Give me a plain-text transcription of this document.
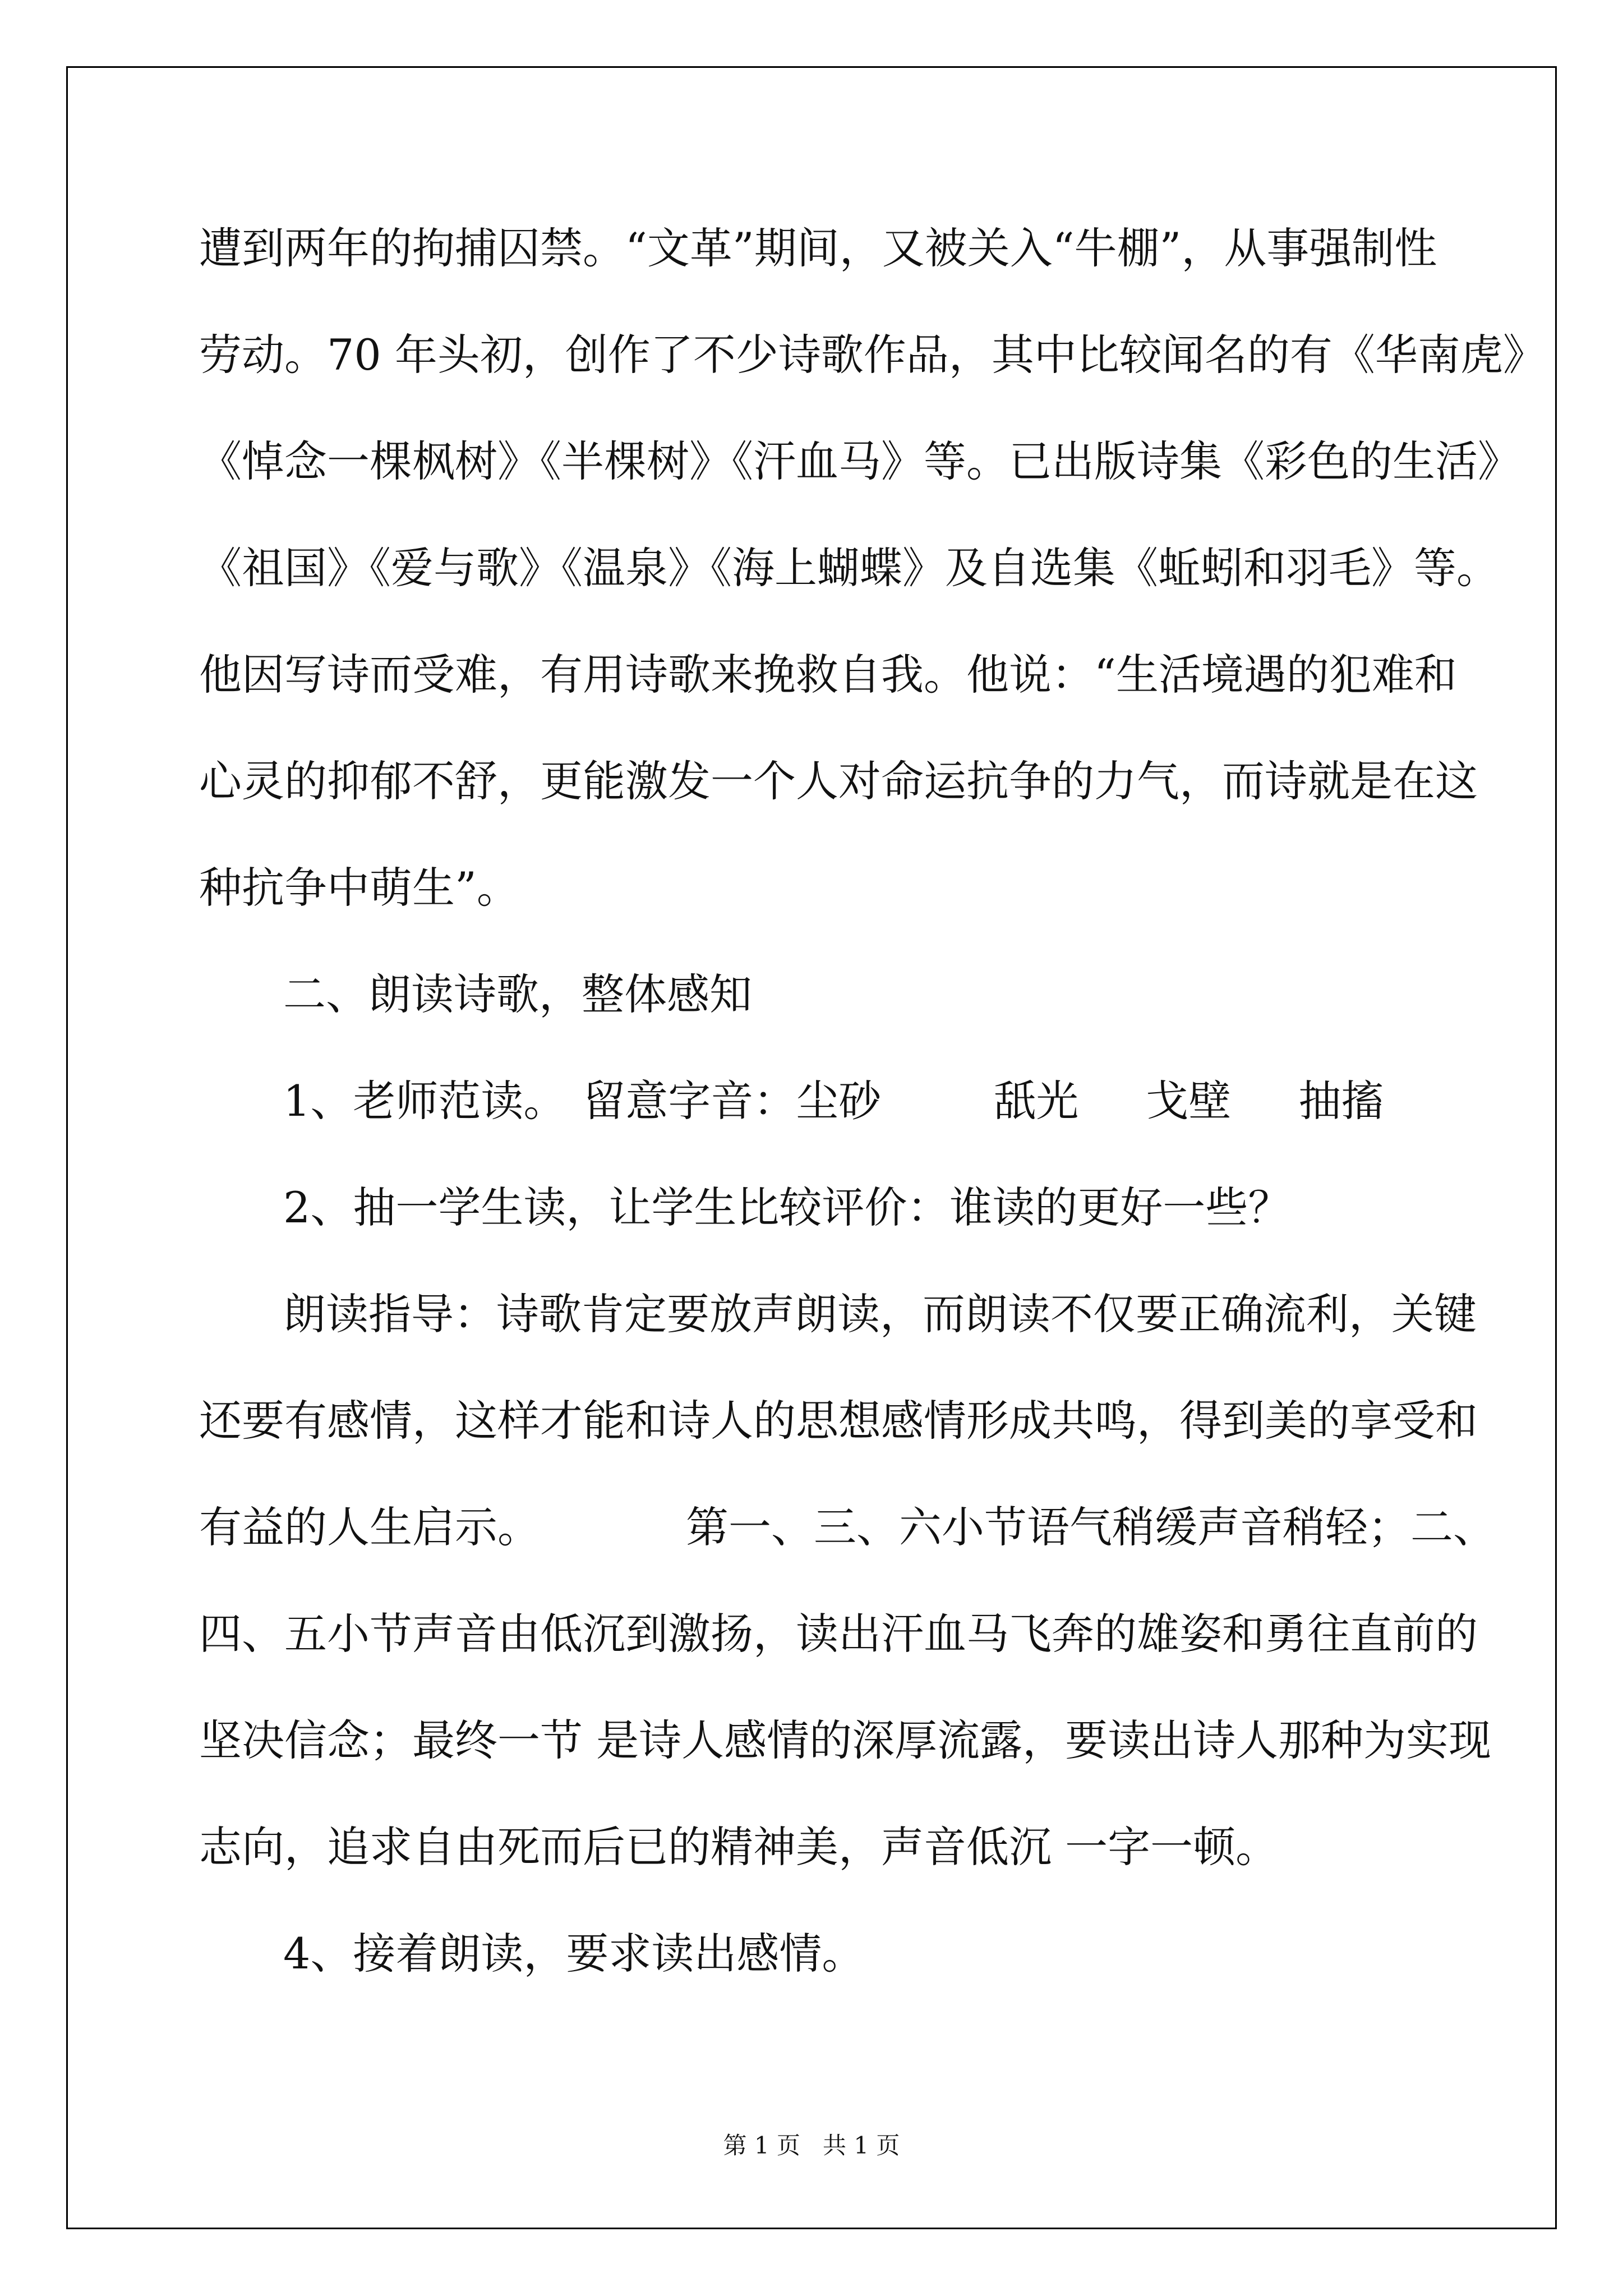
遭到两年的拘捕囚禁。“文革”期间，又被关入“牛棚”，从事强制性
劳动。70 年头初，创作了不少诗歌作品，其中比较闻名的有《华南虎》
《悼念一棵枫树》《半棵树》《汗血马》等。已出版诗集《彩色的生活》
《祖国》《爱与歌》《温泉》《海上蝴蝶》及自选集《蚯蚓和羽毛》等。
他因写诗而受难，有用诗歌来挽救自我。他说：“生活境遇的犯难和
心灵的抑郁不舒，更能激发一个人对命运抗争的力气，而诗就是在这
种抗争中萌生”。
二、朗读诗歌，整体感知
1、老师范读。 留意字音：尘砂	舐光 戈壁 抽搐
2、抽一学生读，让学生比较评价：谁读的更好一些？
朗读指导：诗歌肯定要放声朗读，而朗读不仅要正确流利，关键
还要有感情，这样才能和诗人的思想感情形成共鸣，得到美的享受和
有益的人生启示。	第一、三、六小节语气稍缓声音稍轻；二、
四、五小节声音由低沉到激扬，读出汗血马飞奔的雄姿和勇往直前的
坚决信念；最终一节 是诗人感情的深厚流露，要读出诗人那种为实现
志向，追求自由死而后已的精神美，声音低沉 一字一顿。
4、接着朗读，要求读出感情。
第 1 页 共 1 页
